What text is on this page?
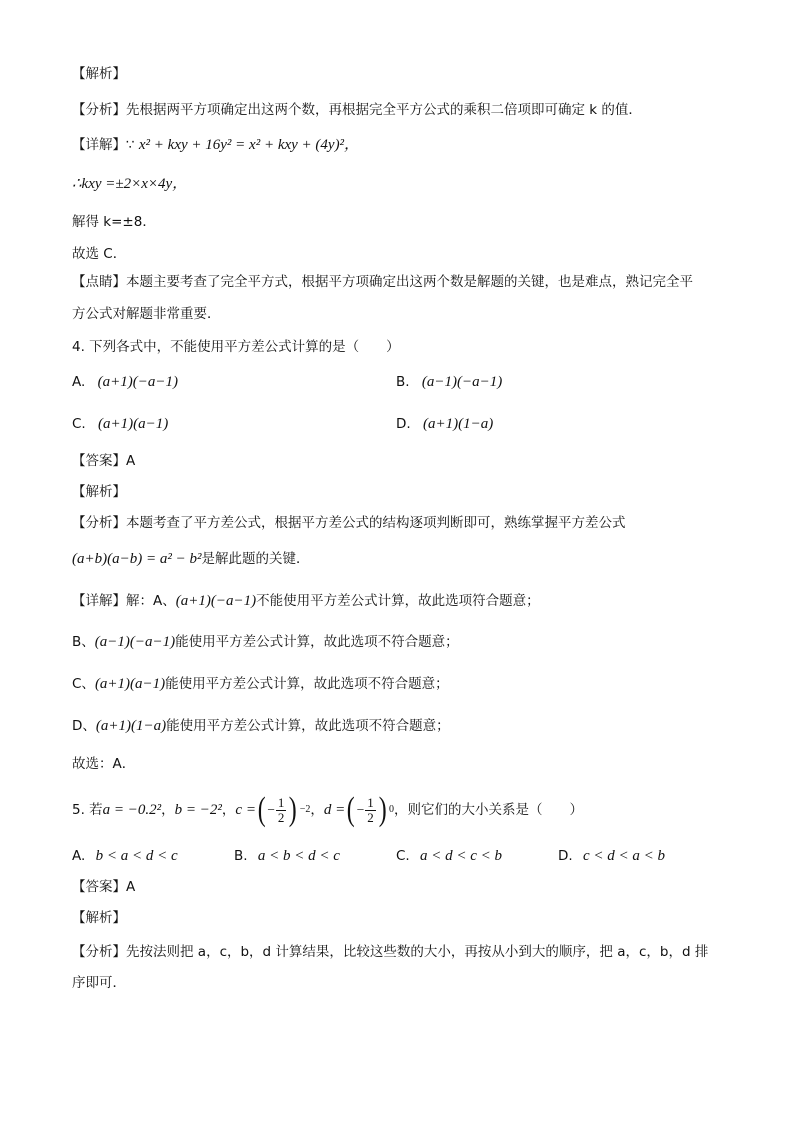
【解析】
【分析】先根据两平方项确定出这两个数，再根据完全平方公式的乘积二倍项即可确定 k 的值．
【详解】∵ x² + kxy + 16y² = x² + kxy + (4y)²，
∴kxy =±2×x×4y，
解得 k=±8．
故选 C．
【点睛】本题主要考查了完全平方式，根据平方项确定出这两个数是解题的关键，也是难点，熟记完全平
方公式对解题非常重要．
4. 下列各式中，不能使用平方差公式计算的是（　　）
A. (a+1)(−a−1)	B. (a−1)(−a−1)
C. (a+1)(a−1)	D. (a+1)(1−a)
【答案】A
【解析】
【分析】本题考查了平方差公式，根据平方差公式的结构逐项判断即可，熟练掌握平方差公式
(a+b)(a−b) = a² − b²是解此题的关键．
【详解】解：A、(a+1)(−a−1)不能使用平方差公式计算，故此选项符合题意；
B、(a−1)(−a−1)能使用平方差公式计算，故此选项不符合题意；
C、(a+1)(a−1)能使用平方差公式计算，故此选项不符合题意；
D、(a+1)(1−a)能使用平方差公式计算，故此选项不符合题意；
故选：A．
5. 若 a = −0.2² ， b = −2² ， c = ( − $\frac{1}{2}$ ) −2 ， d = ( − $\frac{1}{2}$ ) 0 ，则它们的大小关系是（　　）
A. b < a < d < c	B. a < b < d < c	C. a < d < c < b	D. c < d < a < b
【答案】A
【解析】
【分析】先按法则把 a，c，b，d 计算结果，比较这些数的大小，再按从小到大的顺序，把 a，c，b，d 排
序即可．
